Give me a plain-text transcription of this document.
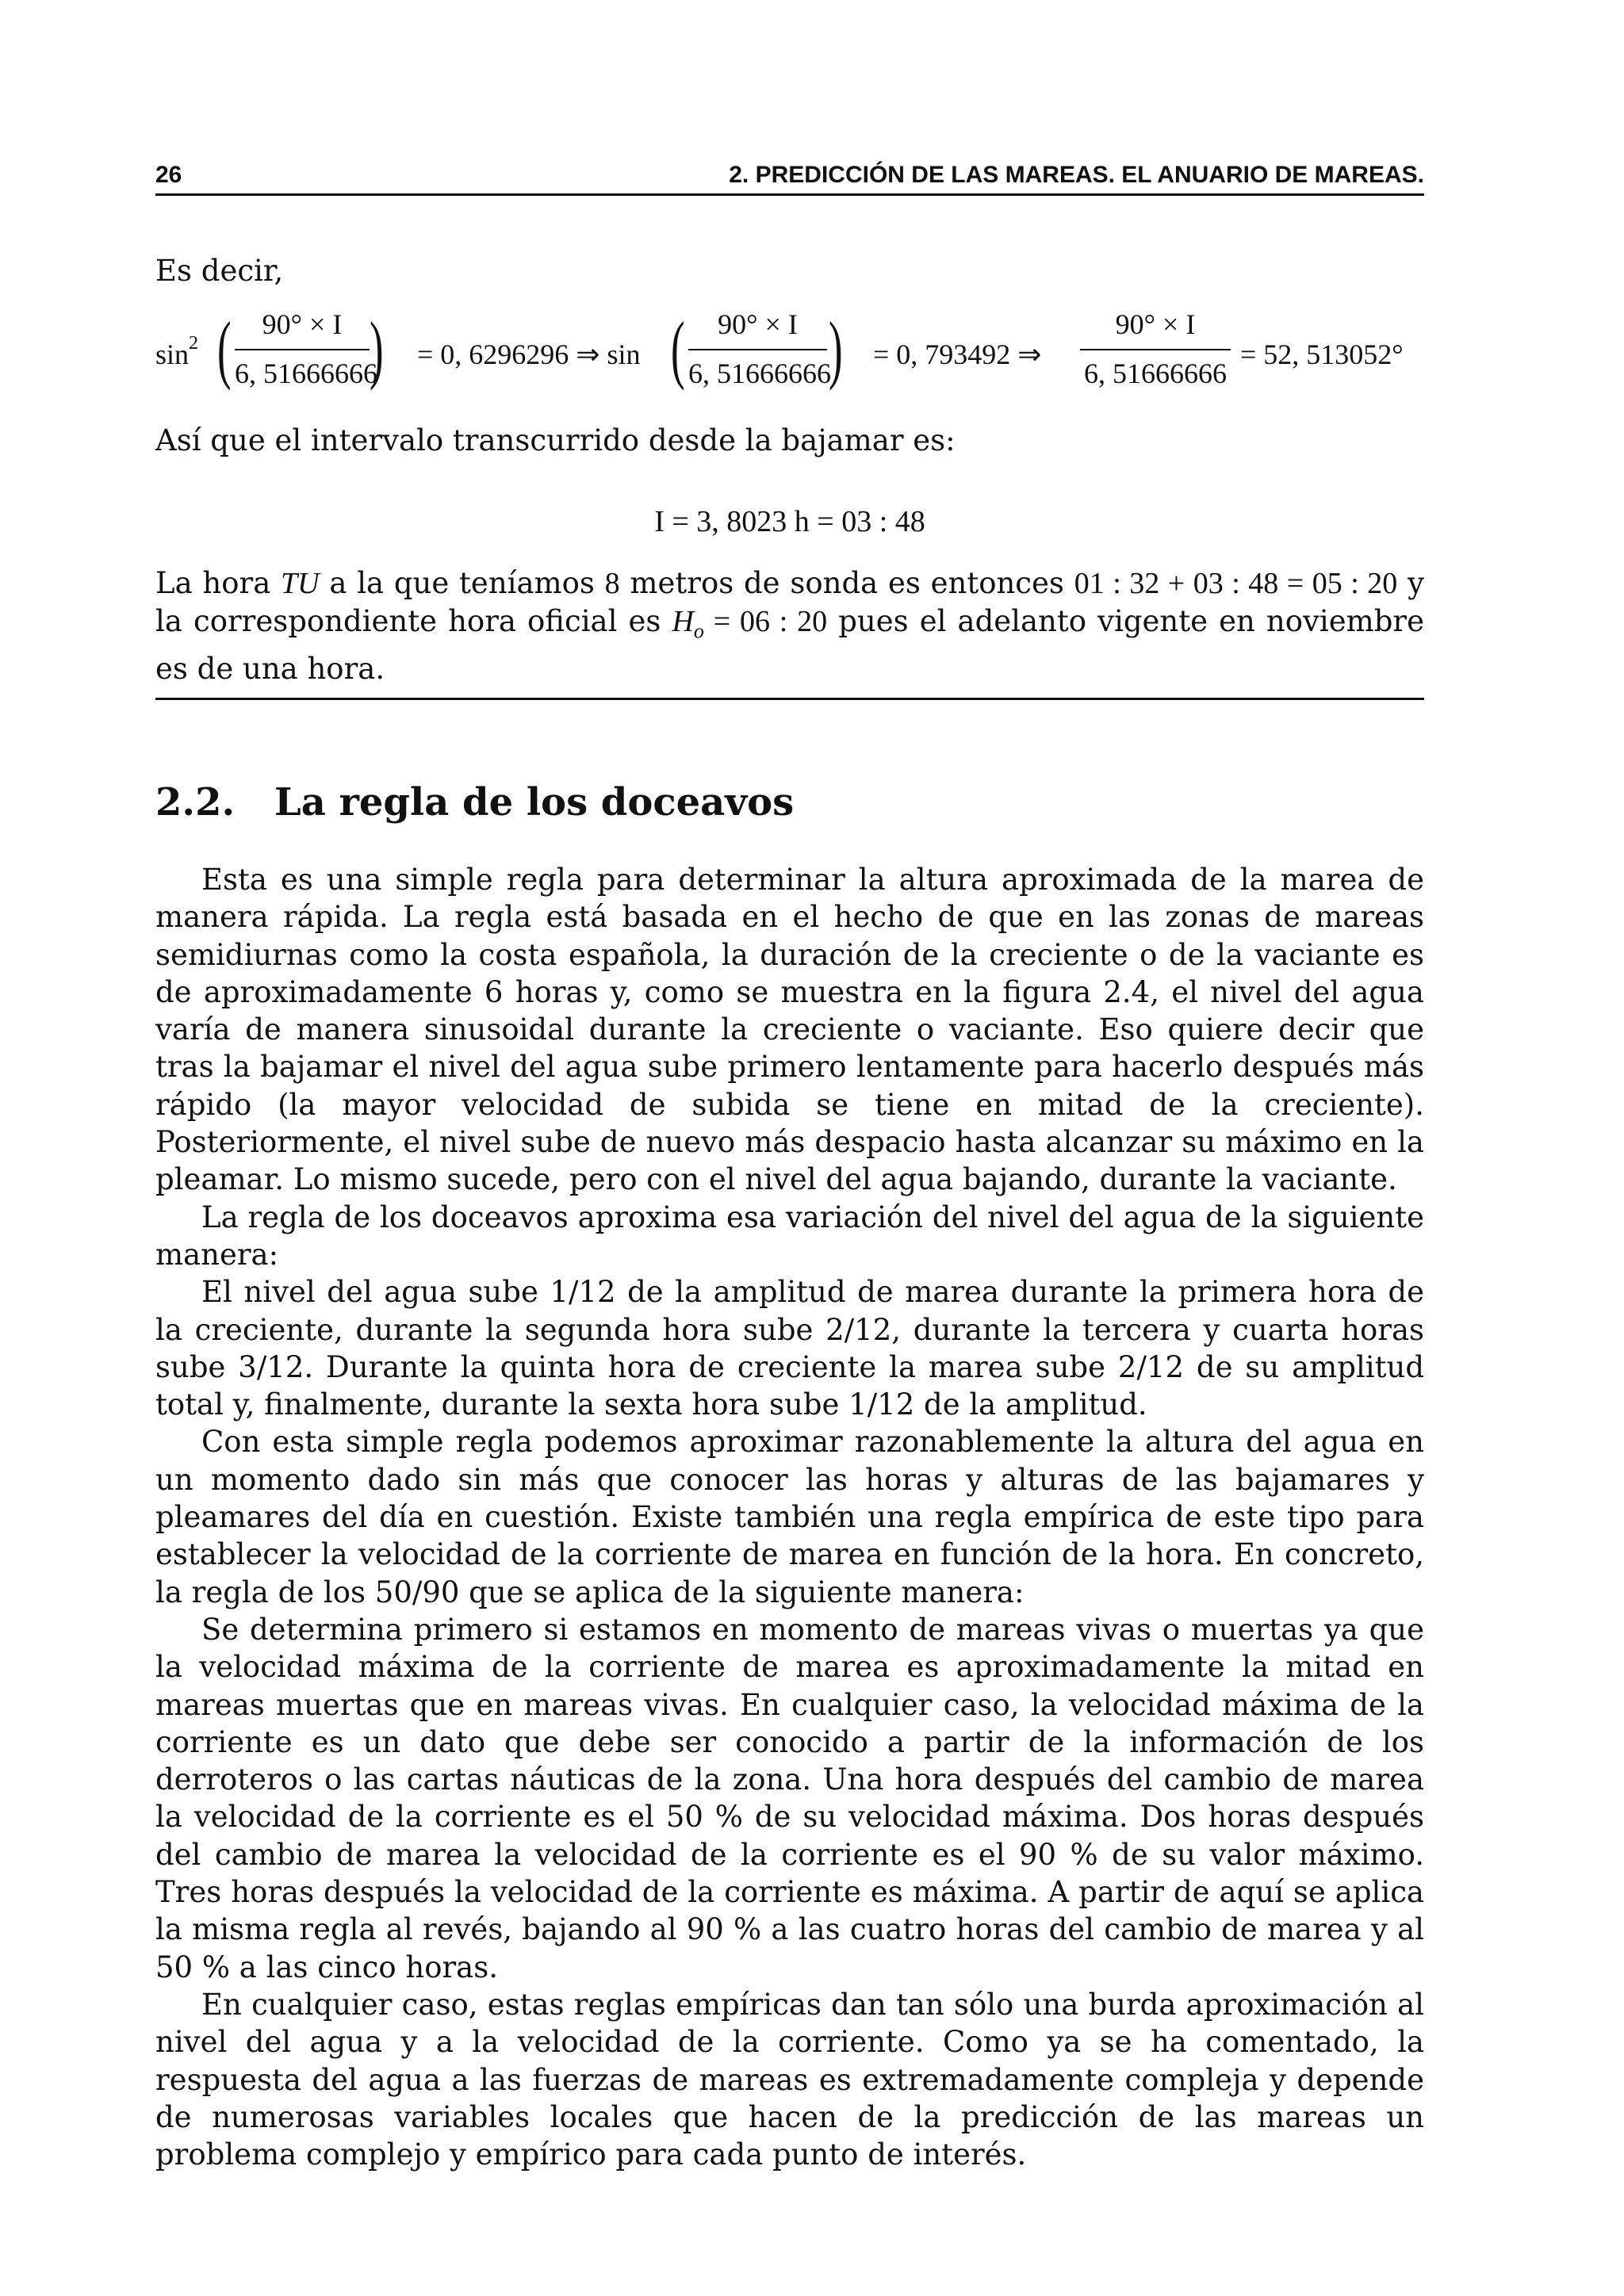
26	2. PREDICCIÓN DE LAS MAREAS. EL ANUARIO DE MAREAS.
Es decir,
$\sin^2$ (	90° × I
6, 51666666
) = 0, 6296296 ⇒ sin (	90° × I
6, 51666666
) = 0, 793492 ⇒
90° × I
6, 51666666
= 52, 513052°
Así que el intervalo transcurrido desde la bajamar es:
I = 3, 8023 h = 03 : 48
La hora TU a la que teníamos 8 metros de sonda es entonces 01 : 32 + 03 : 48 = 05 : 20 y la correspondiente hora oficial es $H_o = 06$ : 20 pues el adelanto vigente en noviembre es de una hora.
2.2. La regla de los doceavos

Esta es una simple regla para determinar la altura aproximada de la marea de manera rápida. La regla está basada en el hecho de que en las zonas de mareas semidiurnas como la costa española, la duración de la creciente o de la vaciante es de aproximadamente 6 horas y, como se muestra en la figura 2.4, el nivel del agua varía de manera sinusoidal durante la creciente o vaciante. Eso quiere decir que tras la bajamar el nivel del agua sube primero lentamente para hacerlo después más rápido (la mayor velocidad de subida se tiene en mitad de la creciente). Posteriormente, el nivel sube de nuevo más despacio hasta alcanzar su máximo en la pleamar. Lo mismo sucede, pero con el nivel del agua bajando, durante la vaciante.

La regla de los doceavos aproxima esa variación del nivel del agua de la siguiente manera:

El nivel del agua sube 1/12 de la amplitud de marea durante la primera hora de la creciente, durante la segunda hora sube 2/12, durante la tercera y cuarta horas sube 3/12. Durante la quinta hora de creciente la marea sube 2/12 de su amplitud total y, finalmente, durante la sexta hora sube 1/12 de la amplitud.

Con esta simple regla podemos aproximar razonablemente la altura del agua en un momento dado sin más que conocer las horas y alturas de las bajamares y pleamares del día en cuestión. Existe también una regla empírica de este tipo para establecer la velocidad de la corriente de marea en función de la hora. En concreto, la regla de los 50/90 que se aplica de la siguiente manera:

Se determina primero si estamos en momento de mareas vivas o muertas ya que la velocidad máxima de la corriente de marea es aproximadamente la mitad en mareas muertas que en mareas vivas. En cualquier caso, la velocidad máxima de la corriente es un dato que debe ser conocido a partir de la información de los derroteros o las cartas náuticas de la zona. Una hora después del cambio de marea la velocidad de la corriente es el 50 % de su velocidad máxima. Dos horas después del cambio de marea la velocidad de la corriente es el 90 % de su valor máximo. Tres horas después la velocidad de la corriente es máxima. A partir de aquí se aplica la misma regla al revés, bajando al 90 % a las cuatro horas del cambio de marea y al 50 % a las cinco horas.

En cualquier caso, estas reglas empíricas dan tan sólo una burda aproximación al nivel del agua y a la velocidad de la corriente. Como ya se ha comentado, la respuesta del agua a las fuerzas de mareas es extremadamente compleja y depende de numerosas variables locales que hacen de la predicción de las mareas un problema complejo y empírico para cada punto de interés.
